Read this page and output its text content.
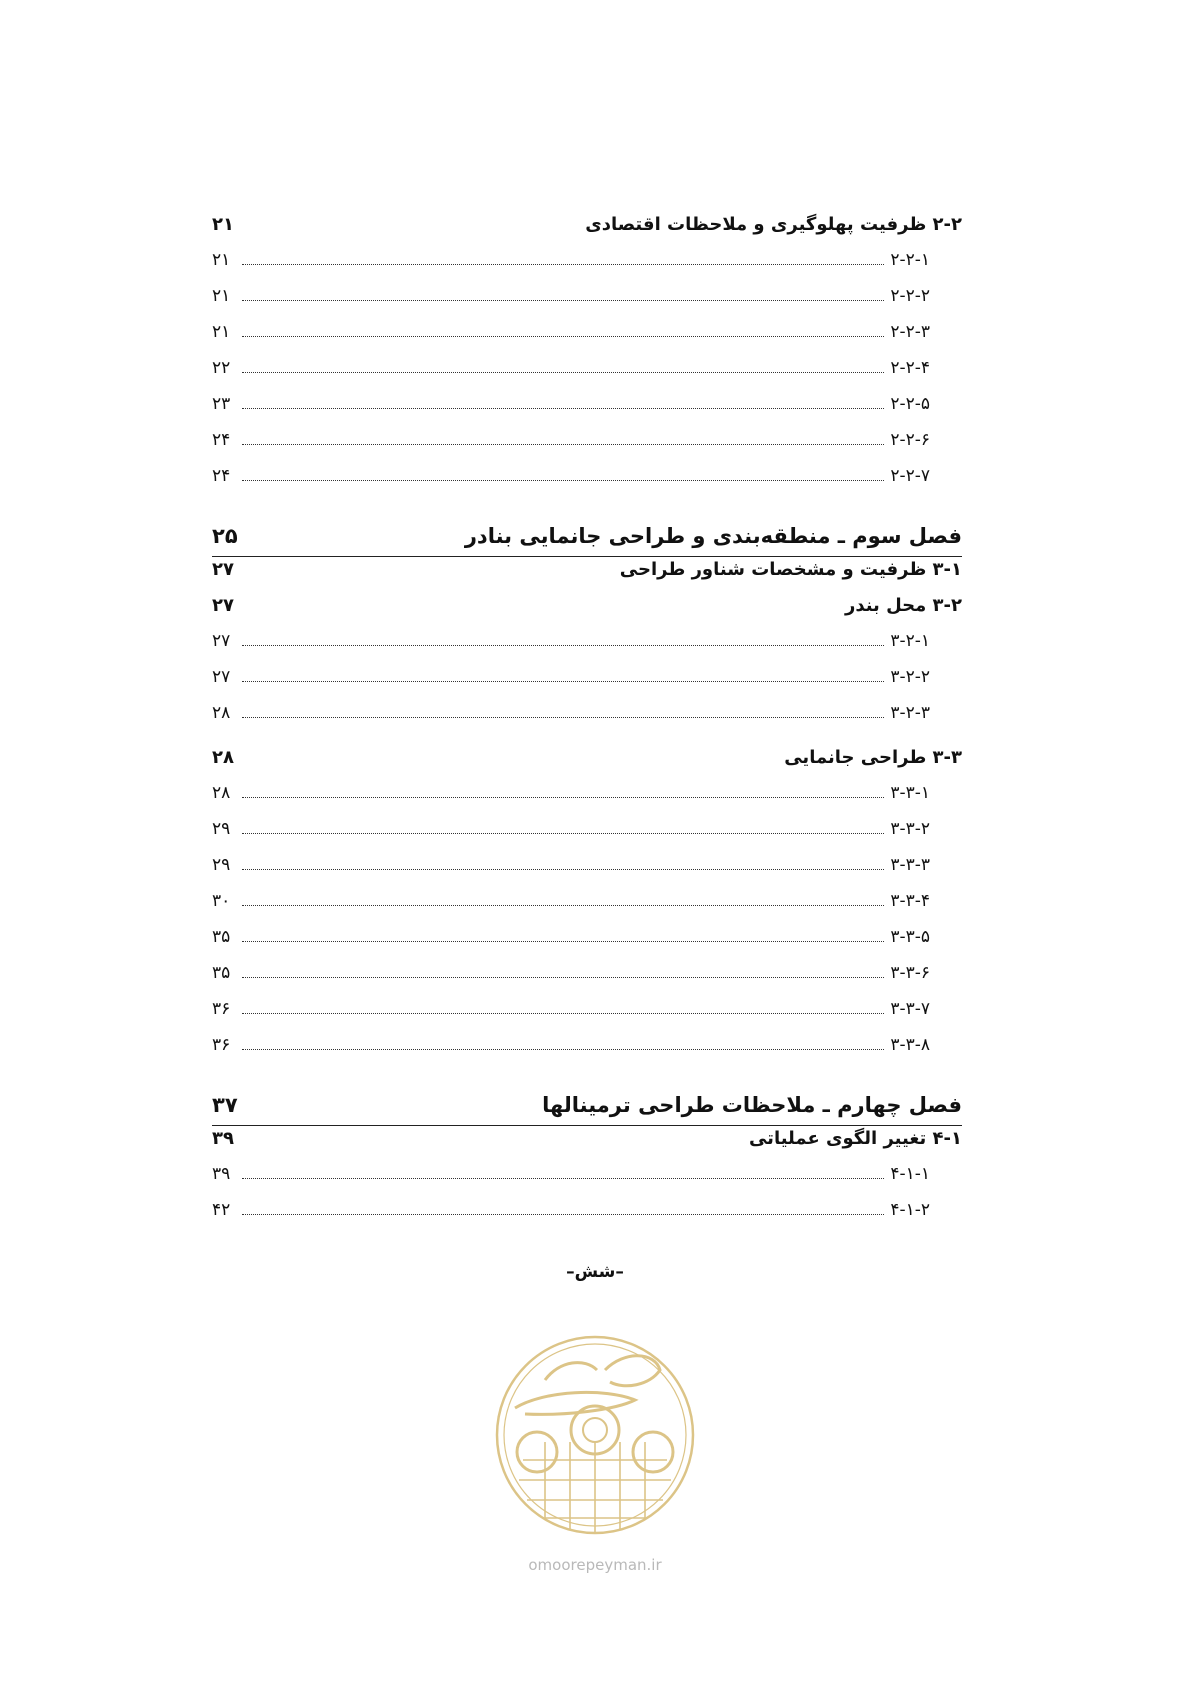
۲-۲ ظرفیت پهلوگیری و ملاحظات اقتصادی
۲۱
۲-۲-۱
۲۱
۲-۲-۲
۲۱
۲-۲-۳
۲۱
۲-۲-۴
۲۲
۲-۲-۵
۲۳
۲-۲-۶
۲۴
۲-۲-۷
۲۴
فصل سوم ـ منطقه‌بندی و طراحی جانمایی بنادر
۲۵
۳-۱ ظرفیت و مشخصات شناور طراحی
۲۷
۳-۲ محل بندر
۲۷
۳-۲-۱
۲۷
۳-۲-۲
۲۷
۳-۲-۳
۲۸
۳-۳ طراحی جانمایی
۲۸
۳-۳-۱
۲۸
۳-۳-۲
۲۹
۳-۳-۳
۲۹
۳-۳-۴
۳۰
۳-۳-۵
۳۵
۳-۳-۶
۳۵
۳-۳-۷
۳۶
۳-۳-۸
۳۶
فصل چهارم ـ ملاحظات طراحی ترمینالها
۳۷
۴-۱ تغییر الگوی عملیاتی
۳۹
۴-۱-۱
۳۹
۴-۱-۲
۴۲
–شش–
omoorepeyman.ir
